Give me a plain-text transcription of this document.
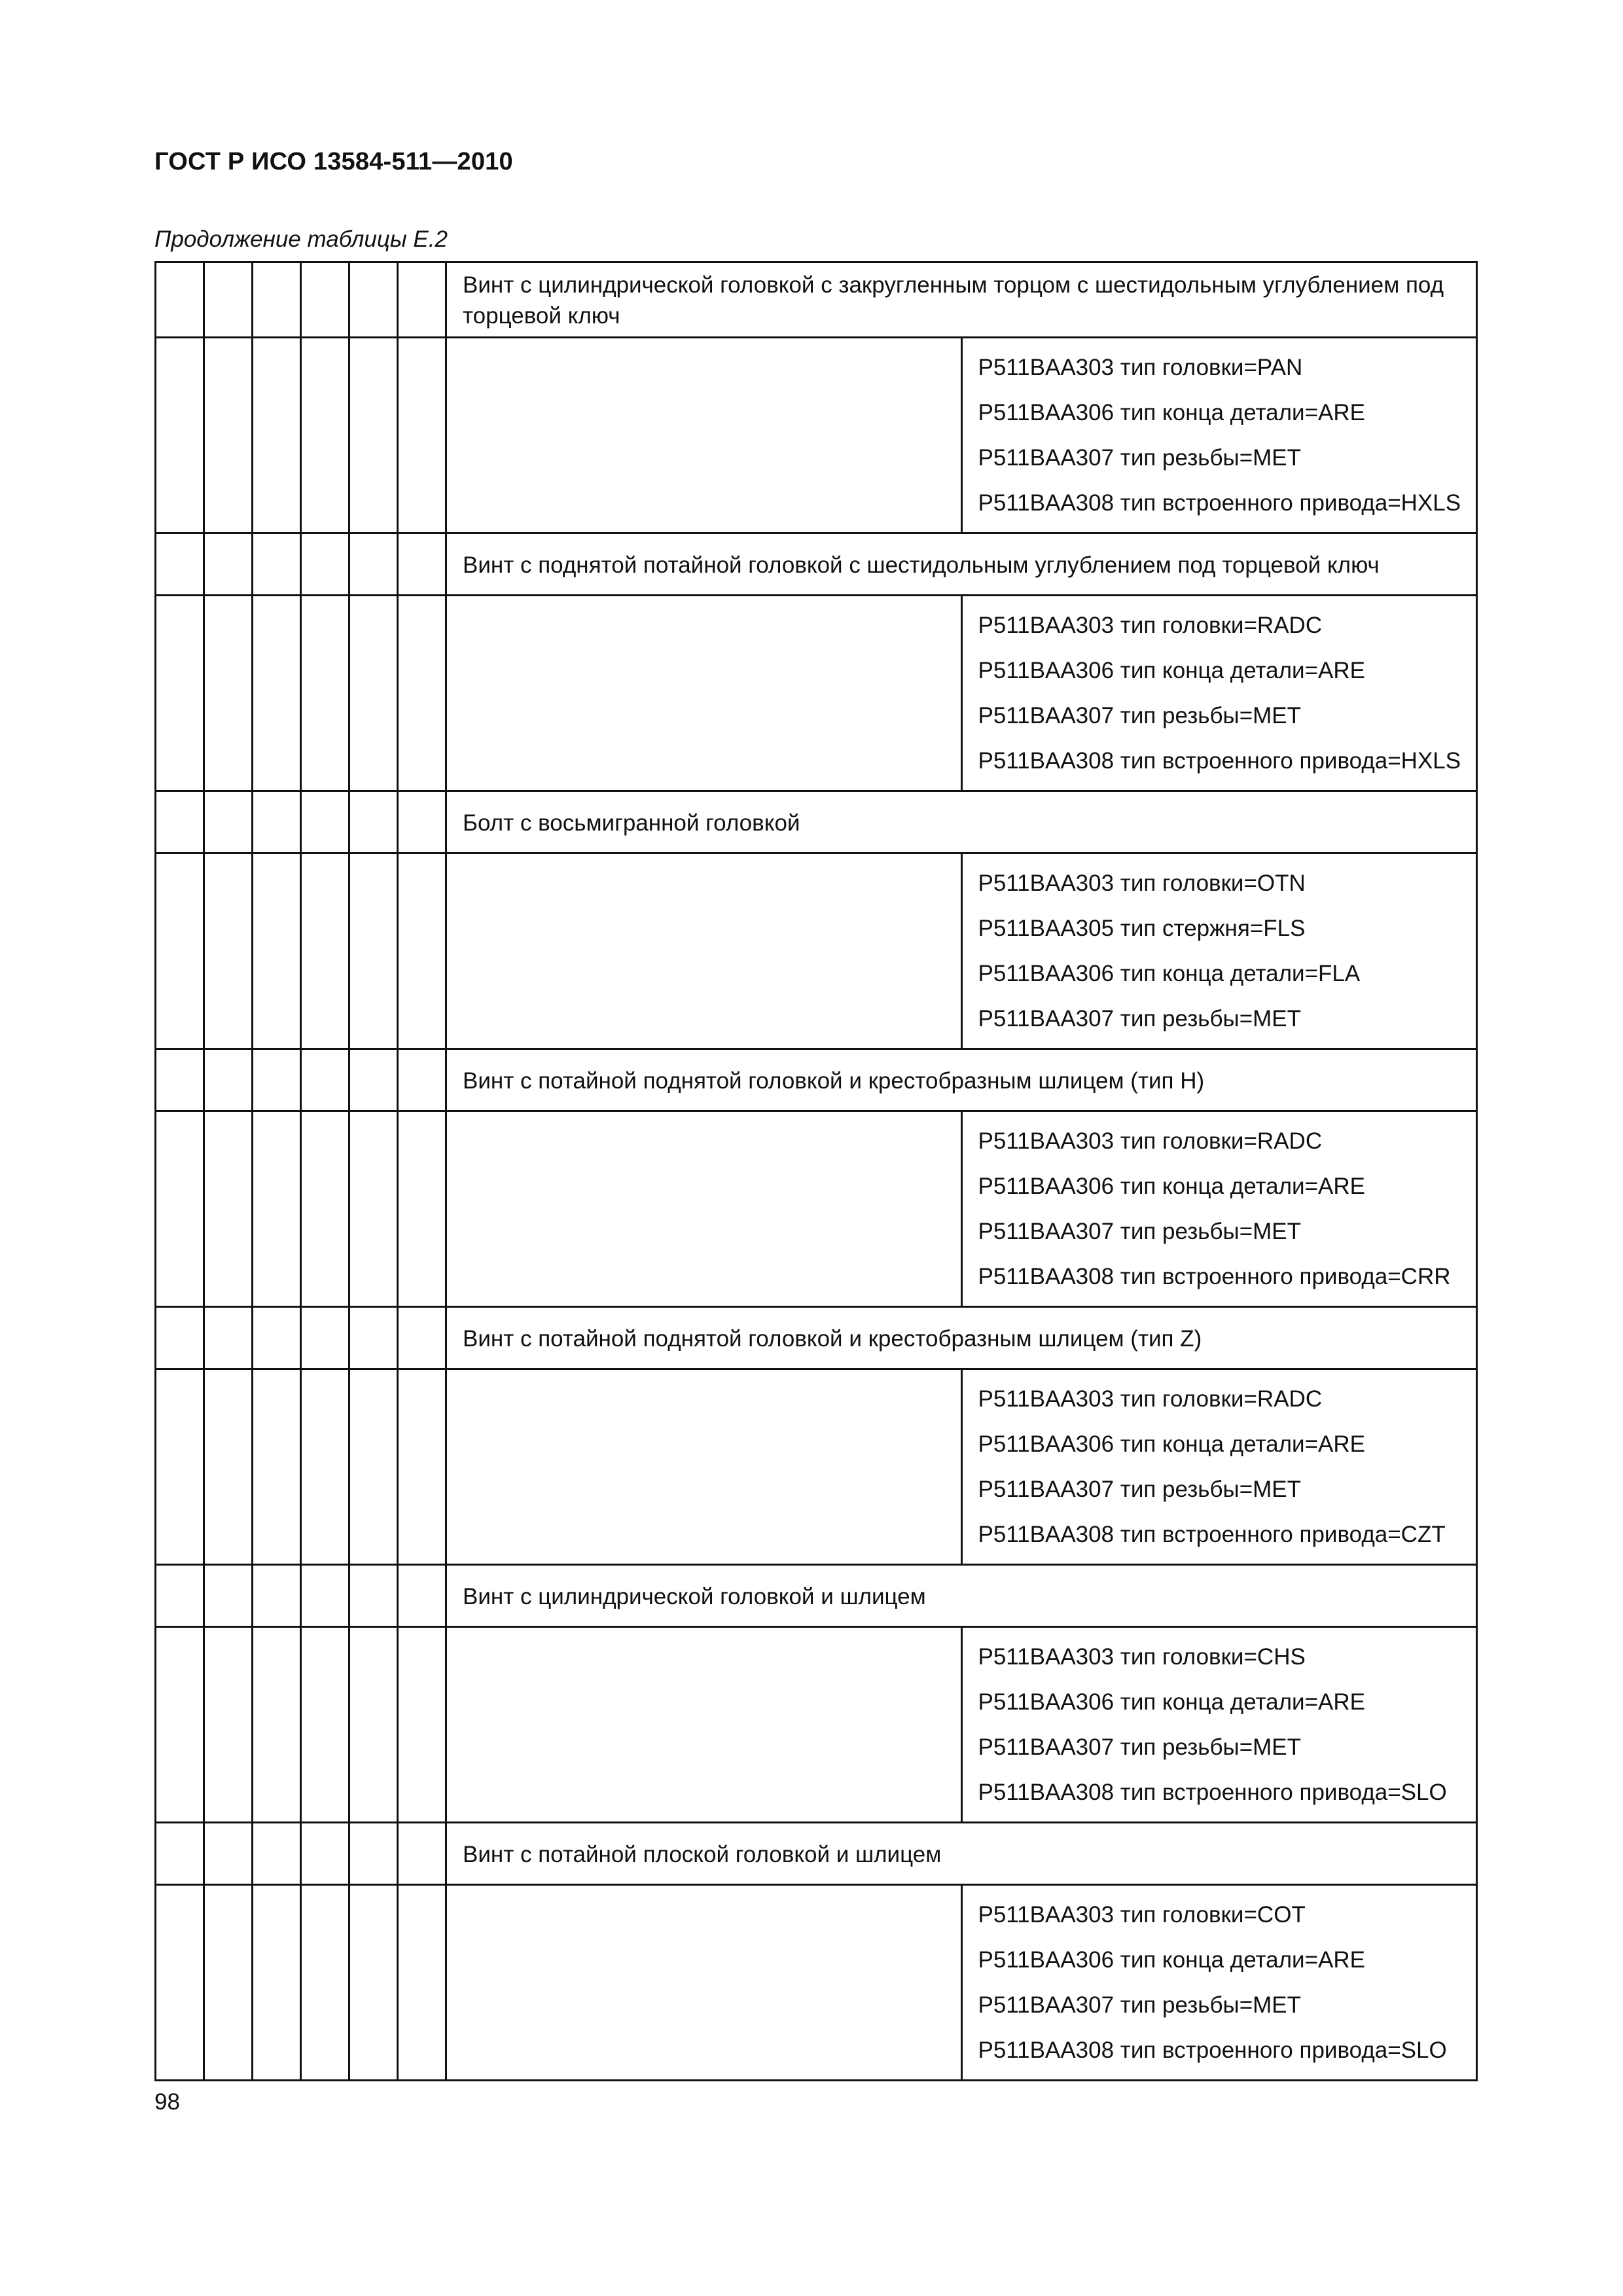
ГОСТ Р ИСО 13584-511—2010
Продолжение таблицы Е.2
						Винт с цилиндрической головкой с закругленным торцом с шестидольным углублением под торцевой ключ	

							P511BAA303 тип головки=PAN
P511BAA306 тип конца детали=ARE
P511BAA307 тип резьбы=MET
P511BAA308 тип встроенного привода=HXLS

						Винт с поднятой потайной головкой с шестидольным углублением под торцевой ключ	

							P511BAA303 тип головки=RADC
P511BAA306 тип конца детали=ARE
P511BAA307 тип резьбы=MET
P511BAA308 тип встроенного привода=HXLS

						Болт с восьмигранной головкой	

							P511BAA303 тип головки=OTN
P511BAA305 тип стержня=FLS
P511BAA306 тип конца детали=FLA
P511BAA307 тип резьбы=MET

						Винт с потайной поднятой головкой и крестобразным шлицем (тип Н)	

							P511BAA303 тип головки=RADC
P511BAA306 тип конца детали=ARE
P511BAA307 тип резьбы=MET
P511BAA308 тип встроенного привода=CRR

						Винт с потайной поднятой головкой и крестобразным шлицем (тип Z)	

							P511BAA303 тип головки=RADC
P511BAA306 тип конца детали=ARE
P511BAA307 тип резьбы=MET
P511BAA308 тип встроенного привода=CZT

						Винт с цилиндрической головкой и шлицем	

							P511BAA303 тип головки=CHS
P511BAA306 тип конца детали=ARE
P511BAA307 тип резьбы=MET
P511BAA308 тип встроенного привода=SLO

						Винт с потайной плоской головкой и шлицем	

							P511BAA303 тип головки=COT
P511BAA306 тип конца детали=ARE
P511BAA307 тип резьбы=MET
P511BAA308 тип встроенного привода=SLO
98
